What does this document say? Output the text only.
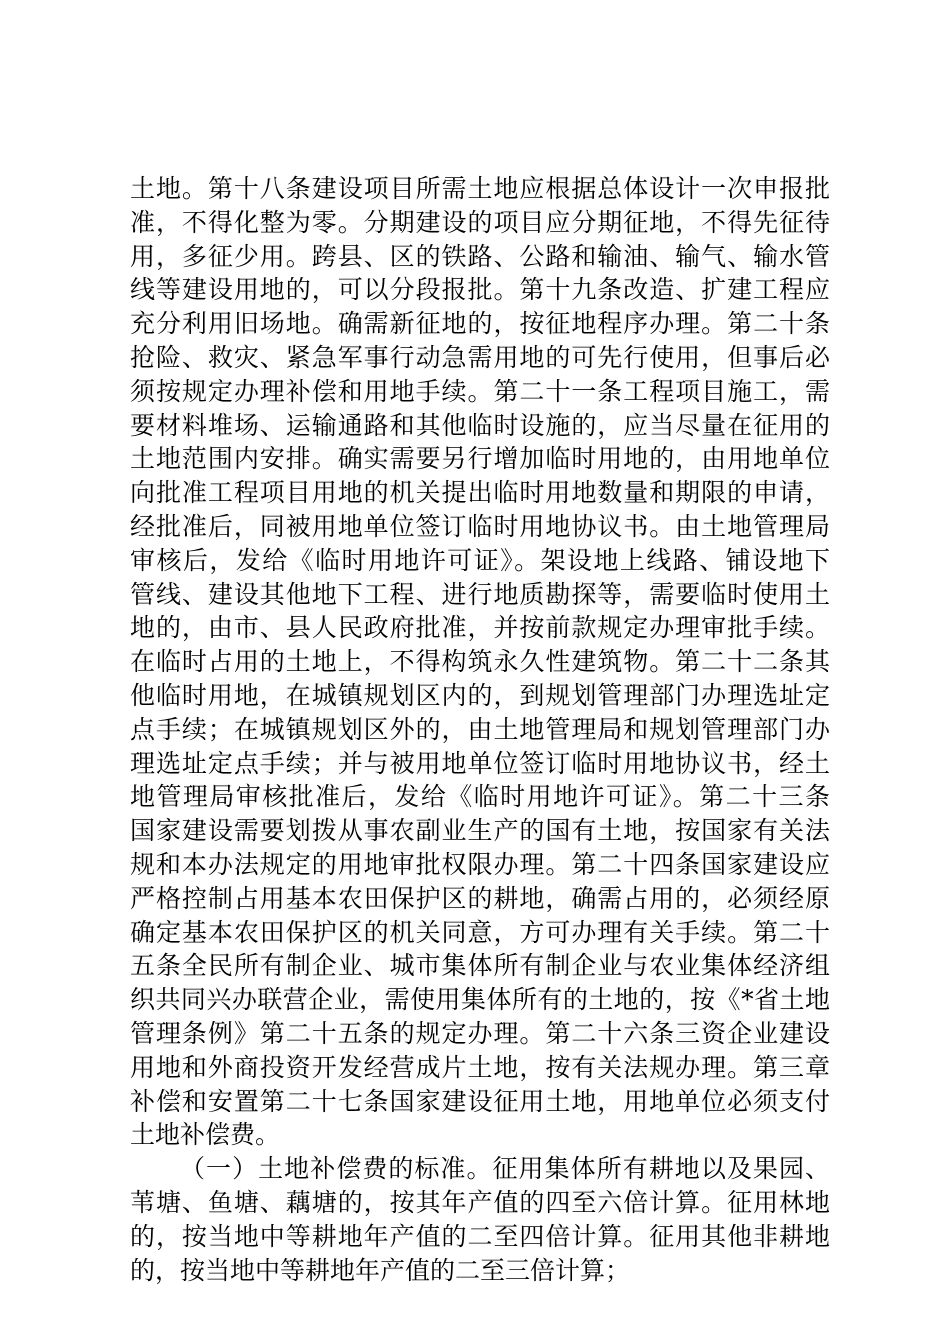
土地。第十八条建设项目所需土地应根据总体设计一次申报批
准，不得化整为零。分期建设的项目应分期征地，不得先征待
用，多征少用。跨县、区的铁路、公路和输油、输气、输水管
线等建设用地的，可以分段报批。第十九条改造、扩建工程应
充分利用旧场地。确需新征地的，按征地程序办理。第二十条
抢险、救灾、紧急军事行动急需用地的可先行使用，但事后必
须按规定办理补偿和用地手续。第二十一条工程项目施工，需
要材料堆场、运输通路和其他临时设施的，应当尽量在征用的
土地范围内安排。确实需要另行增加临时用地的，由用地单位
向批准工程项目用地的机关提出临时用地数量和期限的申请，
经批准后，同被用地单位签订临时用地协议书。由土地管理局
审核后，发给《临时用地许可证》。架设地上线路、铺设地下
管线、建设其他地下工程、进行地质勘探等，需要临时使用土
地的，由市、县人民政府批准，并按前款规定办理审批手续。
在临时占用的土地上，不得构筑永久性建筑物。第二十二条其
他临时用地，在城镇规划区内的，到规划管理部门办理选址定
点手续；在城镇规划区外的，由土地管理局和规划管理部门办
理选址定点手续；并与被用地单位签订临时用地协议书，经土
地管理局审核批准后，发给《临时用地许可证》。第二十三条
国家建设需要划拨从事农副业生产的国有土地，按国家有关法
规和本办法规定的用地审批权限办理。第二十四条国家建设应
严格控制占用基本农田保护区的耕地，确需占用的，必须经原
确定基本农田保护区的机关同意，方可办理有关手续。第二十
五条全民所有制企业、城市集体所有制企业与农业集体经济组
织共同兴办联营企业，需使用集体所有的土地的，按《*省土地
管理条例》第二十五条的规定办理。第二十六条三资企业建设
用地和外商投资开发经营成片土地，按有关法规办理。第三章
补偿和安置第二十七条国家建设征用土地，用地单位必须支付
土地补偿费。
（一）土地补偿费的标准。征用集体所有耕地以及果园、
苇塘、鱼塘、藕塘的，按其年产值的四至六倍计算。征用林地
的，按当地中等耕地年产值的二至四倍计算。征用其他非耕地
的，按当地中等耕地年产值的二至三倍计算；
